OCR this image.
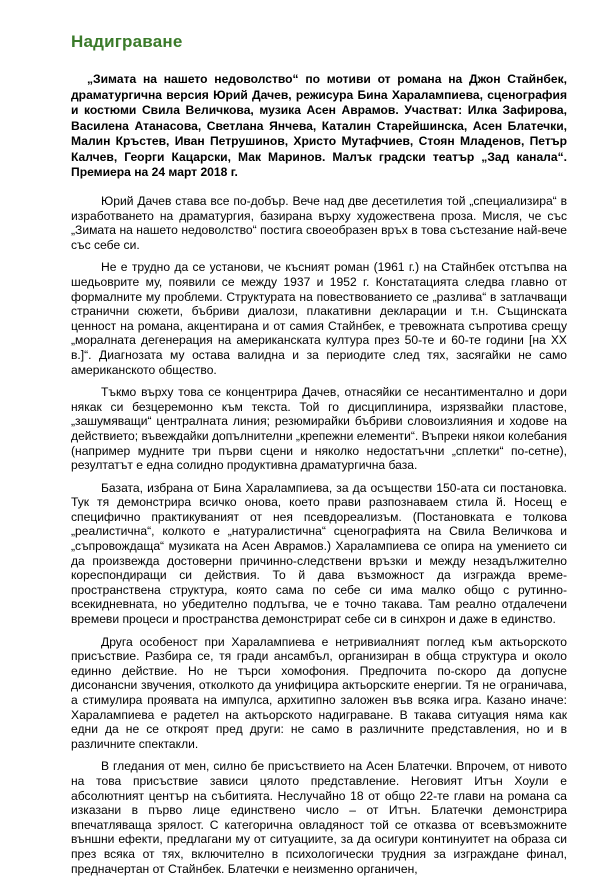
Надиграване

„Зимата на нашето недоволство“ по мотиви от романа на Джон Стайнбек, драматургична версия Юрий Дачев, режисура Бина Харалампиева, сценография и костюми Свила Величкова, музика Асен Аврамов. Участват: Илка Зафирова, Василена Атанасова, Светлана Янчева, Каталин Старейшинска, Асен Блатечки, Малин Кръстев, Иван Петрушинов, Христо Мутафчиев, Стоян Младенов, Петър Калчев, Георги Кацарски, Мак Маринов. Малък градски театър „Зад канала“. Премиера на 24 март 2018 г.

Юрий Дачев става все по-добър. Вече над две десетилетия той „специализира“ в изработването на драматургия, базирана върху художествена проза. Мисля, че със „Зимата на нашето недоволство“ постига своеобразен връх в това състезание най-вече със себе си.

Не е трудно да се установи, че късният роман (1961 г.) на Стайнбек отстъпва на шедьоврите му, появили се между 1937 и 1952 г. Констатацията следва главно от формалните му проблеми. Структурата на повествованието се „разлива“ в затлачващи странични сюжети, бъбриви диалози, плакативни декларации и т.н. Същинската ценност на романа, акцентирана и от самия Стайнбек, е тревожната съпротива срещу „моралната дегенерация на американската култура през 50-те и 60-те години [на ХХ в.]“. Диагнозата му остава валидна и за периодите след тях, засягайки не само американското общество.

Тъкмо върху това се концентрира Дачев, отнасяйки се несантиментално и дори някак си безцеремонно към текста. Той го дисциплинира, изрязвайки пластове, „зашумяващи“ централната линия; резюмирайки бъбриви словоизлияния и ходове на действието; въвеждайки допълнителни „крепежни елементи“. Въпреки някои колебания (например мудните три първи сцени и няколко недостатъчни „сплетки“ по-сетне), резултатът е една солидно продуктивна драматургична база.

Базата, избрана от Бина Харалампиева, за да осъществи 150-ата си постановка. Тук тя демонстрира всичко онова, което прави разпознаваем стила й. Носещ е специфично практикуваният от нея псевдореализъм. (Постановката е толкова „реалистична“, колкото е „натуралистична“ сценографията на Свила Величкова и „съпровождаща“ музиката на Асен Аврамов.) Харалампиева се опира на умението си да произвежда достоверни причинно-следствени връзки и между незадължително кореспондиращи си действия. То й дава възможност да изгражда време-пространствена структура, която сама по себе си има малко общо с рутинно-всекидневната, но убедително подлъгва, че е точно такава. Там реално отдалечени времеви процеси и пространства демонстрират себе си в синхрон и даже в единство.

Друга особеност при Харалампиева е нетривиалният поглед към актьорското присъствие. Разбира се, тя гради ансамбъл, организиран в обща структура и около единно действие. Но не търси хомофония. Предпочита по-скоро да допусне дисонансни звучения, отколкото да унифицира актьорските енергии. Тя не ограничава, а стимулира проявата на импулса, архитипно заложен във всяка игра. Казано иначе: Харалампиева е радетел на актьорското надиграване. В такава ситуация няма как едни да не се откроят пред други: не само в различните представления, но и в различните спектакли.

В гледания от мен, силно бе присъствието на Асен Блатечки. Впрочем, от нивото на това присъствие зависи цялото представление. Неговият Итън Хоули е абсолютният център на събитията. Неслучайно 18 от общо 22-те глави на романа са изказани в първо лице единствено число – от Итън. Блатечки демонстрира впечатляваща зрялост. С категорична овладяност той се отказва от всевъзможните външни ефекти, предлагани му от ситуациите, за да осигури континуитет на образа си през всяка от тях, включително в психологически трудния за изграждане финал, предначертан от Стайнбек. Блатечки е неизменно органичен,
